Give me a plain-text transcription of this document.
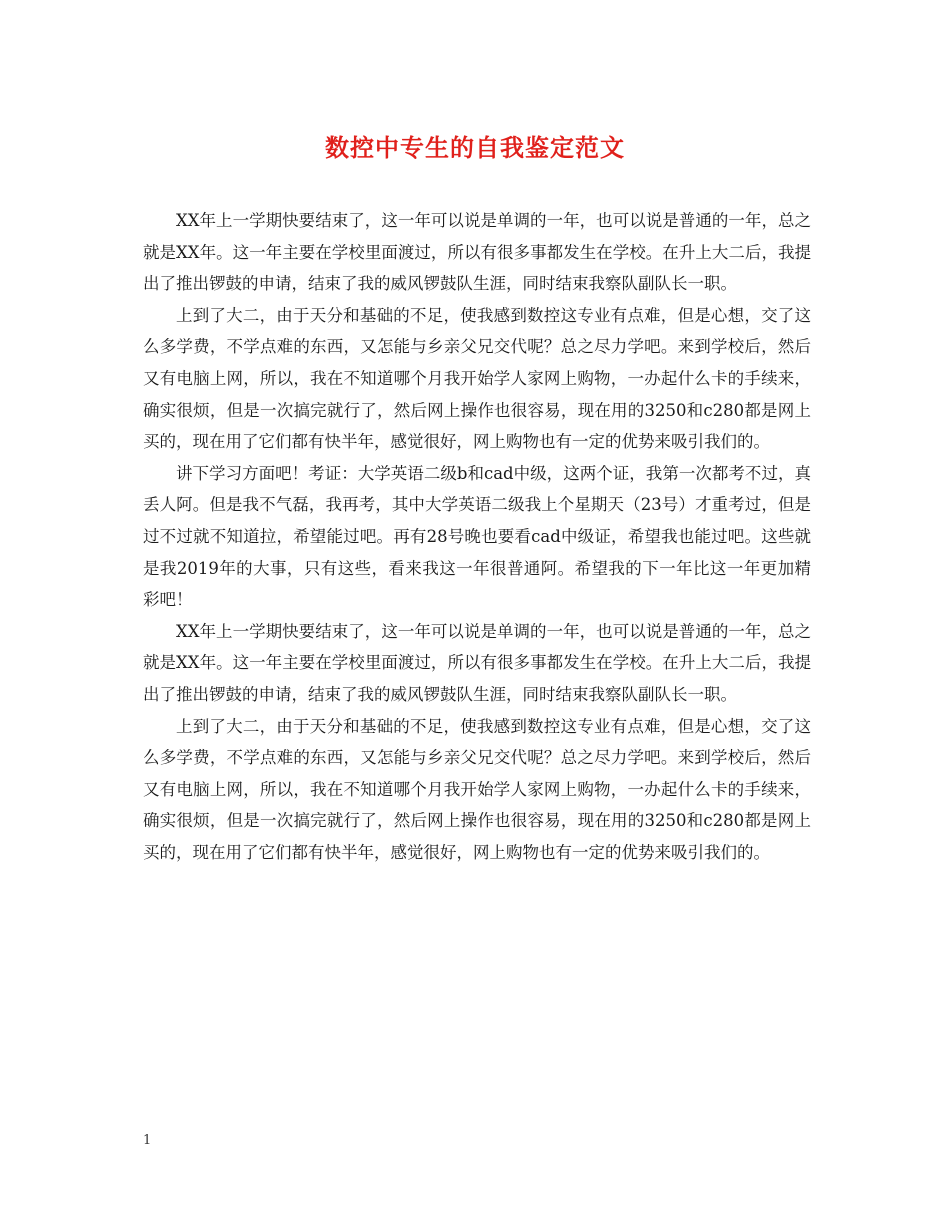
数控中专生的自我鉴定范文

XX年上一学期快要结束了，这一年可以说是单调的一年，也可以说是普通的一年，总之就是XX年。这一年主要在学校里面渡过，所以有很多事都发生在学校。在升上大二后，我提出了推出锣鼓的申请，结束了我的威风锣鼓队生涯，同时结束我察队副队长一职。

上到了大二，由于天分和基础的不足，使我感到数控这专业有点难，但是心想，交了这么多学费，不学点难的东西，又怎能与乡亲父兄交代呢？总之尽力学吧。来到学校后，然后又有电脑上网，所以，我在不知道哪个月我开始学人家网上购物，一办起什么卡的手续来，确实很烦，但是一次搞完就行了，然后网上操作也很容易，现在用的3250和c280都是网上买的，现在用了它们都有快半年，感觉很好，网上购物也有一定的优势来吸引我们的。

讲下学习方面吧！考证：大学英语二级b和cad中级，这两个证，我第一次都考不过，真丢人阿。但是我不气磊，我再考，其中大学英语二级我上个星期天（23号）才重考过，但是过不过就不知道拉，希望能过吧。再有28号晚也要看cad中级证，希望我也能过吧。这些就是我2019年的大事，只有这些，看来我这一年很普通阿。希望我的下一年比这一年更加精彩吧！

XX年上一学期快要结束了，这一年可以说是单调的一年，也可以说是普通的一年，总之就是XX年。这一年主要在学校里面渡过，所以有很多事都发生在学校。在升上大二后，我提出了推出锣鼓的申请，结束了我的威风锣鼓队生涯，同时结束我察队副队长一职。

上到了大二，由于天分和基础的不足，使我感到数控这专业有点难，但是心想，交了这么多学费，不学点难的东西，又怎能与乡亲父兄交代呢？总之尽力学吧。来到学校后，然后又有电脑上网，所以，我在不知道哪个月我开始学人家网上购物，一办起什么卡的手续来，确实很烦，但是一次搞完就行了，然后网上操作也很容易，现在用的3250和c280都是网上买的，现在用了它们都有快半年，感觉很好，网上购物也有一定的优势来吸引我们的。

1
